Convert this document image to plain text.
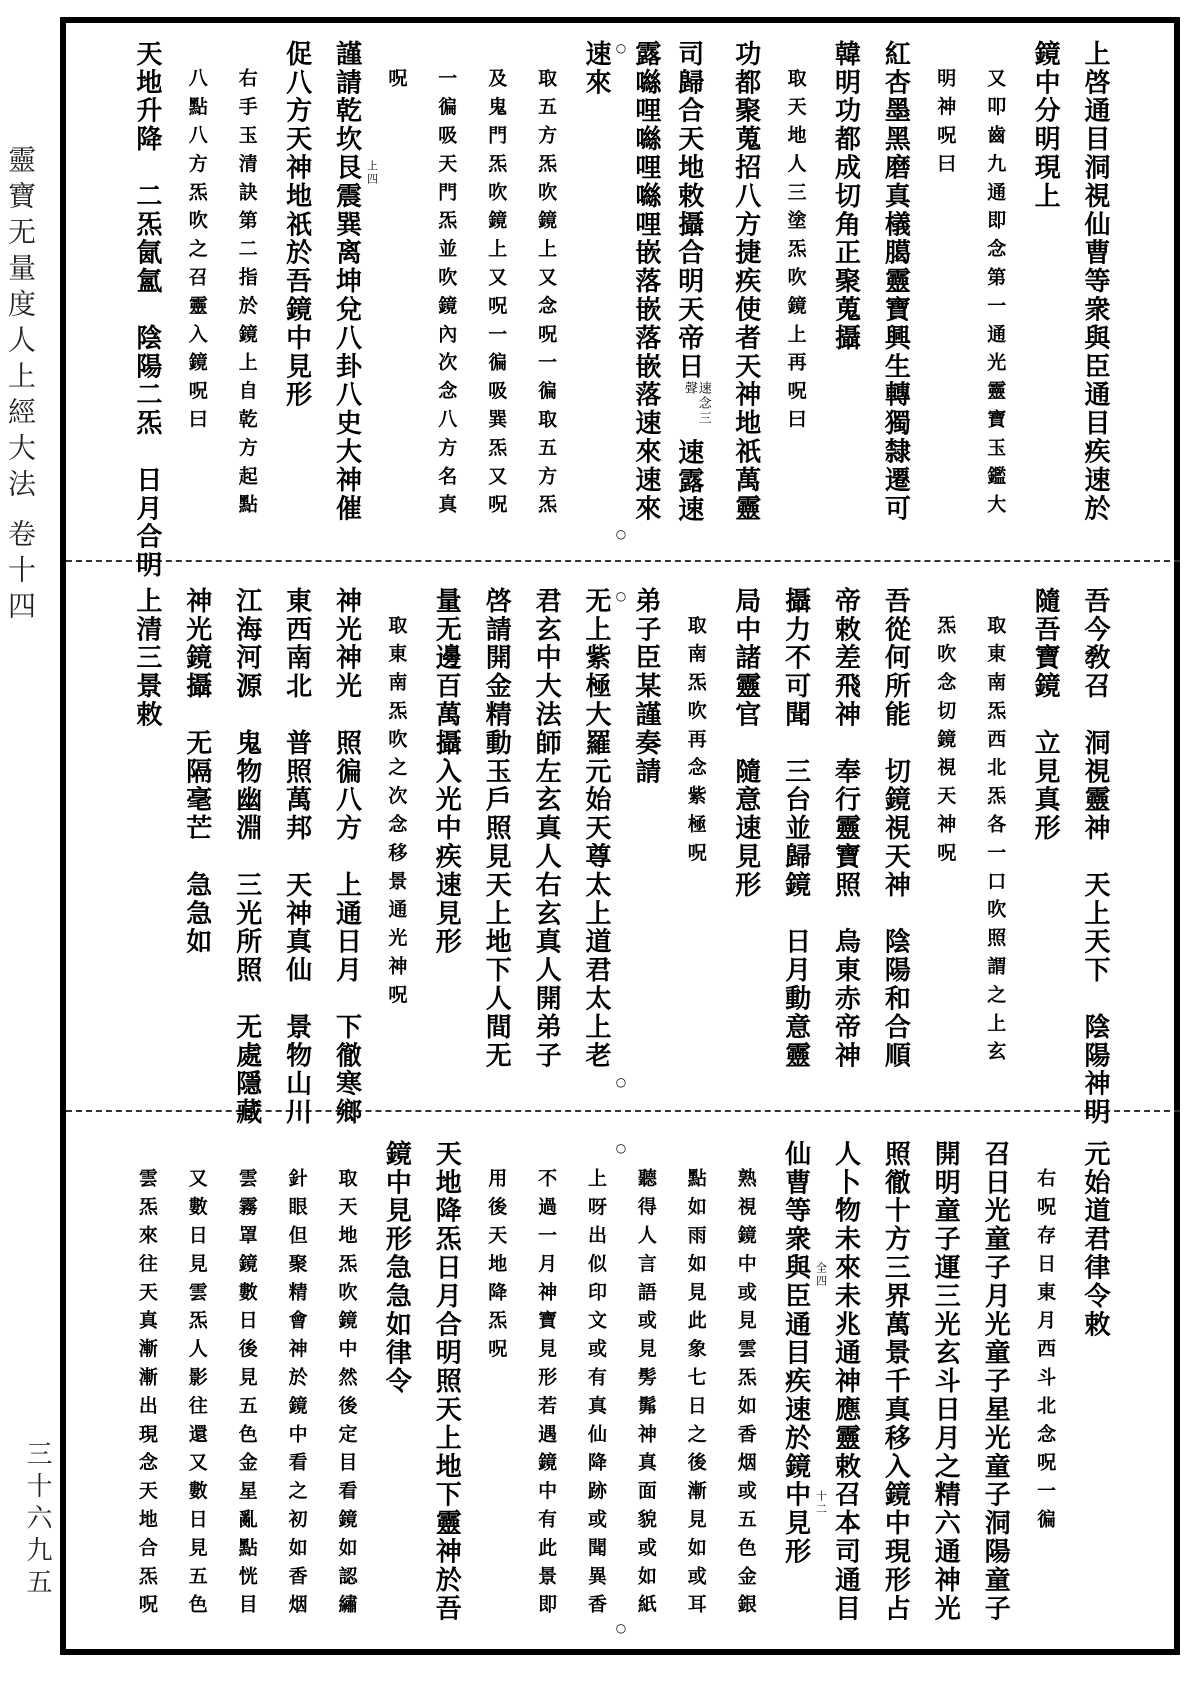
靈寶无量度人上經大法卷十四
三十六九五
上啓通目洞視仙曹等衆與臣通目疾速於
鏡中分明現上
又叩齒九通即念第一通光靈寶玉鑑大
明神呪曰
紅杏墨黑磨真檥臈靈寶興生轉獨隸遷可
韓明功都成切角正聚蒐攝
取天地人三塗炁吹鏡上再呪曰
功都聚蒐招八方捷疾使者天神地祇萬靈
司歸合天地敕攝合明天帝日速念三聲速露速
露噝哩噝哩噝哩嵌落嵌落嵌落速來速來
速來
取五方炁吹鏡上又念呪一徧取五方炁
及鬼門炁吹鏡上又呪一徧吸巽炁又呪
一徧吸天門炁並吹鏡內次念八方名真
呪
謹請乾坎艮震巽离坤兌八卦八史大神催
促八方天神地祇於吾鏡中見形
右手玉清訣第二指於鏡上自乾方起點
八點八方炁吹之召靈入鏡呪曰
天地升降　二炁氤氳　陰陽二炁　日月合明	○
○
吾今敎召　洞視靈神　天上天下　陰陽神明
隨吾寶鏡　立見真形
取東南炁西北炁各一口吹照謂之上玄
炁吹念切鏡視天神呪
吾從何所能　切鏡視天神　陰陽和合順
帝敕差飛神　奉行靈寶照　烏東赤帝神
攝力不可聞　三台並歸鏡　日月動意靈
局中諸靈官　隨意速見形
取南炁吹再念紫極呪
弟子臣某謹奏請
无上紫極大羅元始天尊太上道君太上老
君玄中大法師左玄真人右玄真人開弟子
啓請開金精動玉戶照見天上地下人間无
量无邊百萬攝入光中疾速見形
取東南炁吹之次念移景通光神呪
神光神光　照徧八方　上通日月　下徹寒鄉
東西南北　普照萬邦　天神真仙　景物山川
江海河源　鬼物幽淵　三光所照　无處隱藏
神光鏡攝　无隔毫芒　急急如
上清三景敕	○
○
元始道君律令敕
右呪存日東月西斗北念呪一徧
召日光童子月光童子星光童子洞陽童子
開明童子運三光玄斗日月之精六通神光
照徹十方三界萬景千真移入鏡中現形占
人卜物未來未兆通神應靈敕召本司通目
仙曹等衆與臣通目疾速於鏡中見形
熟視鏡中或見雲炁如香烟或五色金銀
點如雨如見此象七日之後漸見如或耳
聽得人言語或見髣髴神真面貌或如紙
上呀出似印文或有真仙降跡或聞異香
不過一月神寶見形若遇鏡中有此景即
用後天地降炁呪
天地降炁日月合明照天上地下靈神於吾
鏡中見形急急如律令
取天地炁吹鏡中然後定目看鏡如認繡
針眼但聚精會神於鏡中看之初如香烟
雲霧罩鏡數日後見五色金星亂點恍目
又數日見雲炁人影往還又數日見五色
雲炁來往天真漸漸出現念天地合炁呪
○
○
上四
全四
十二
